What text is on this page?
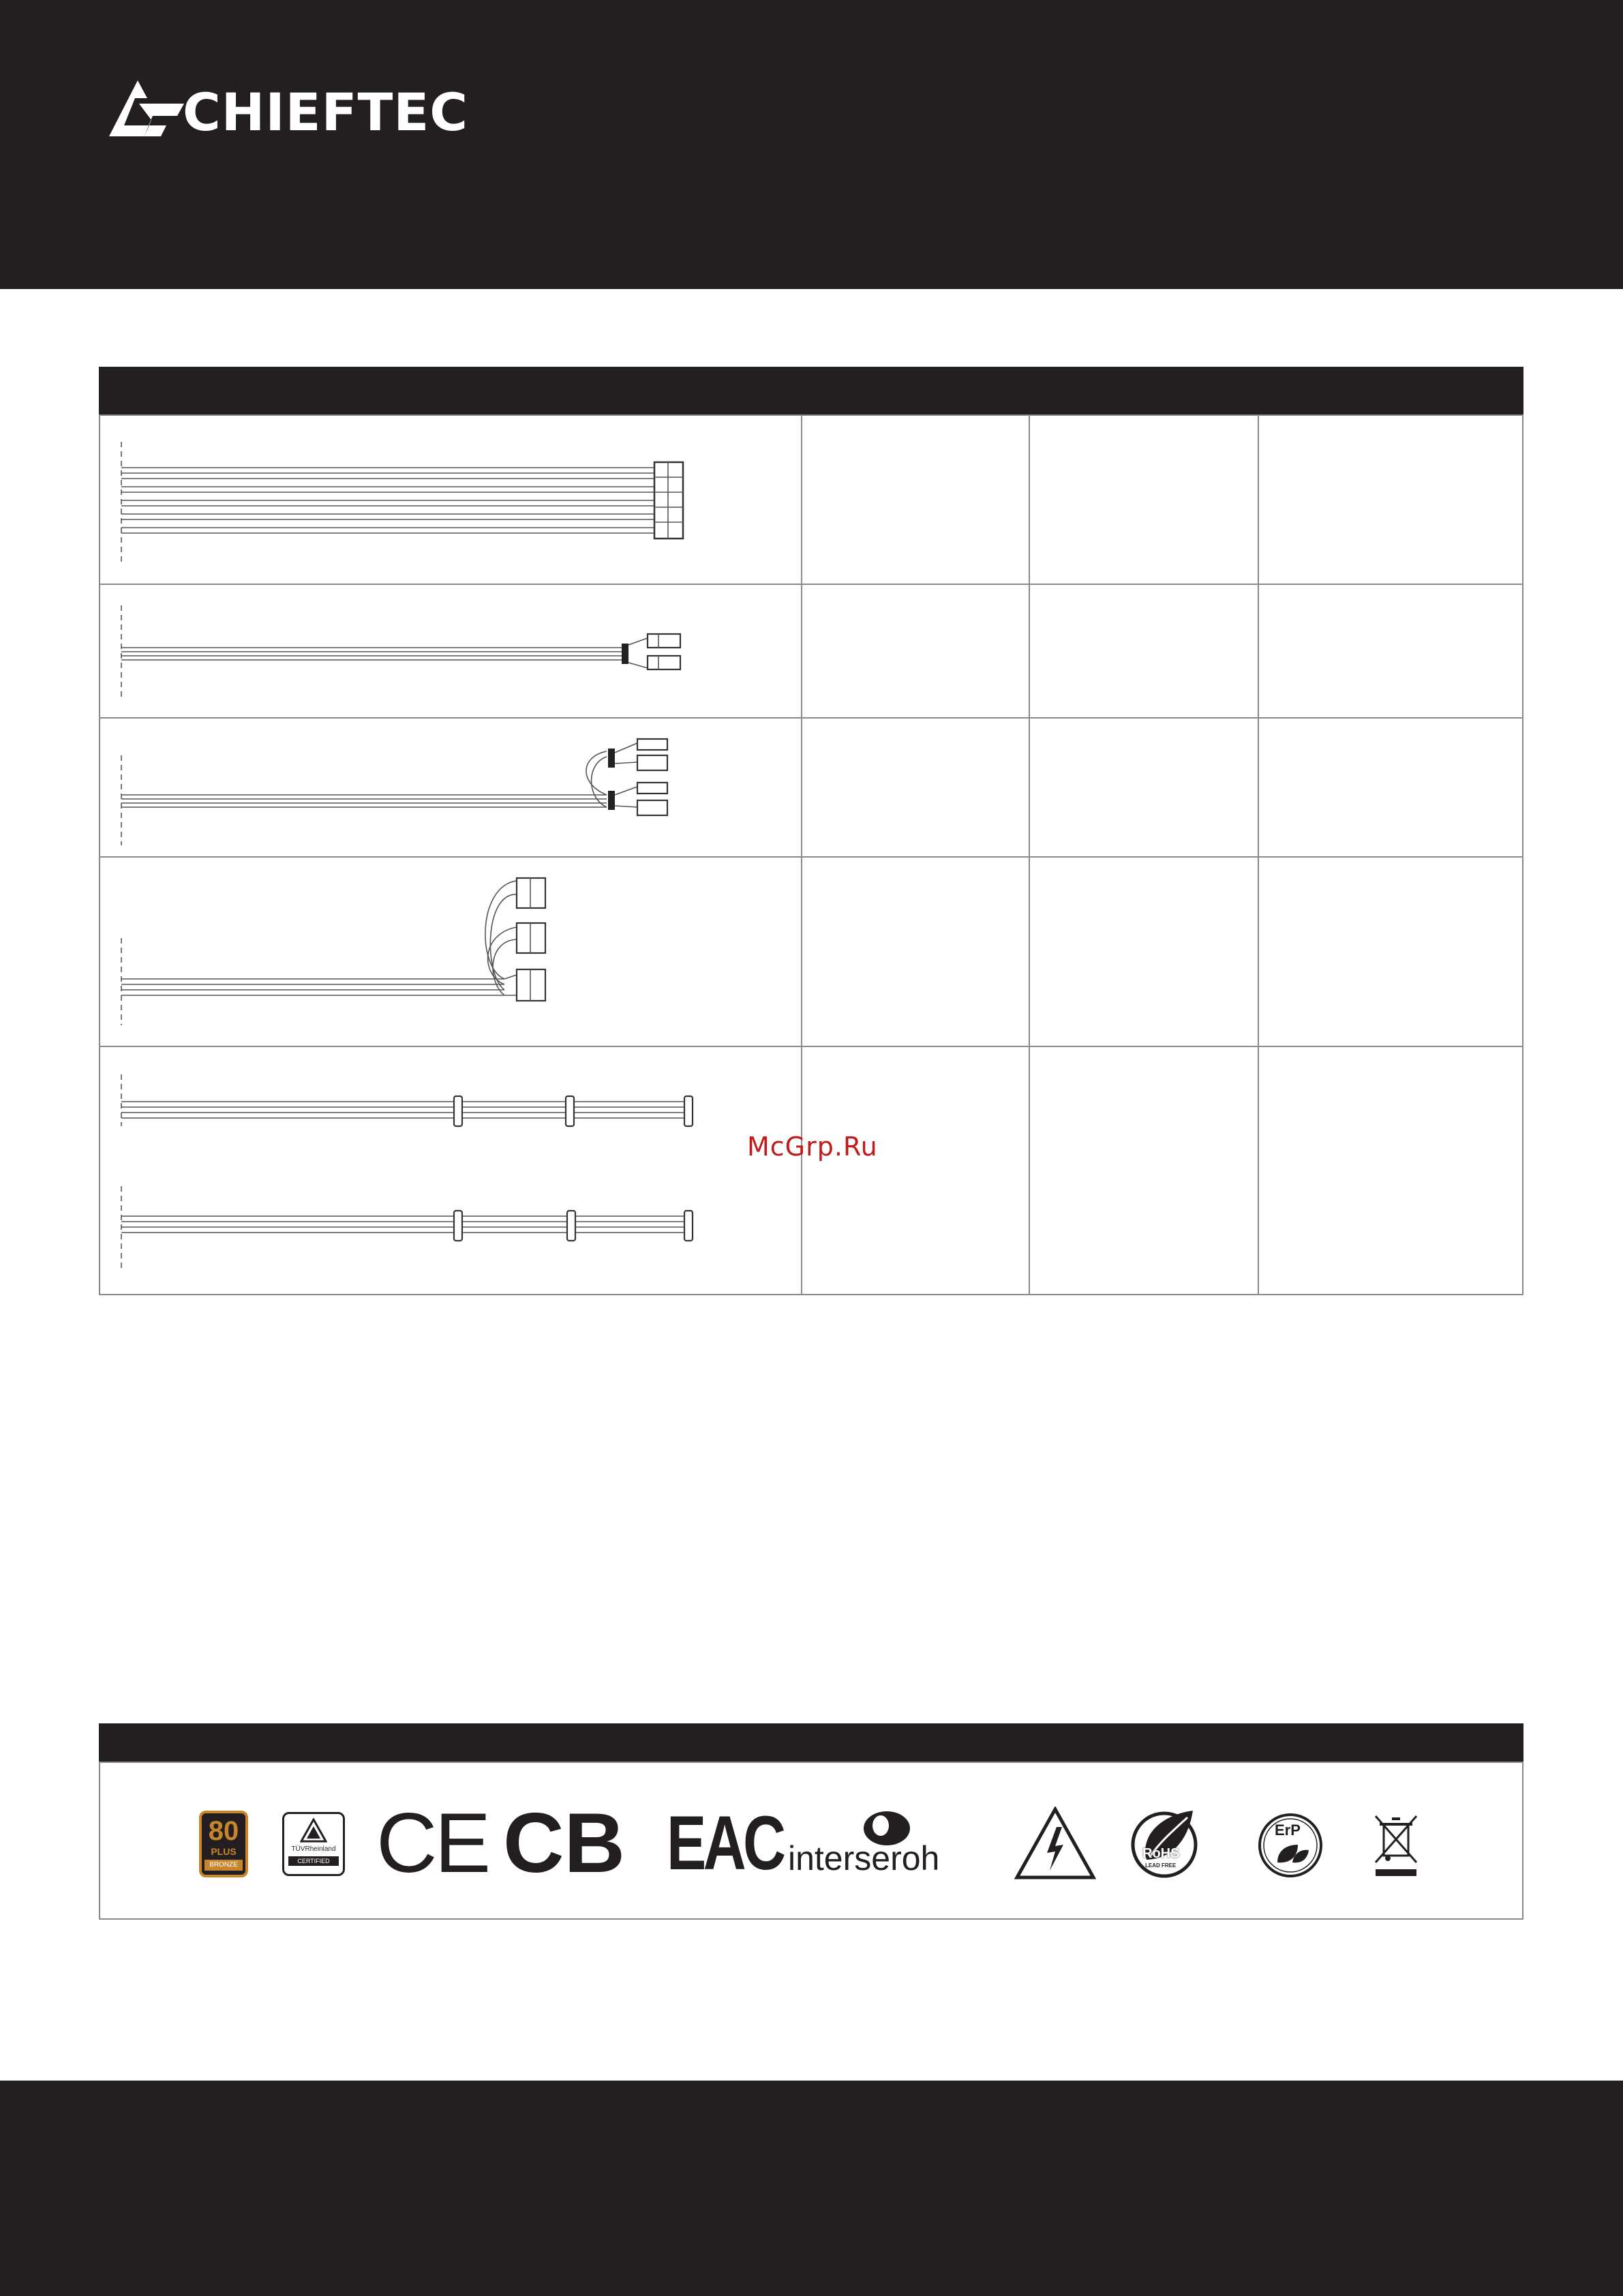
CHIEFTEC
McGrp.Ru
80
PLUS
BRONZE
TÜVRheinland
CERTIFIED CE CB EAC interseroh	RoHS
LEAD FREE
ErP
